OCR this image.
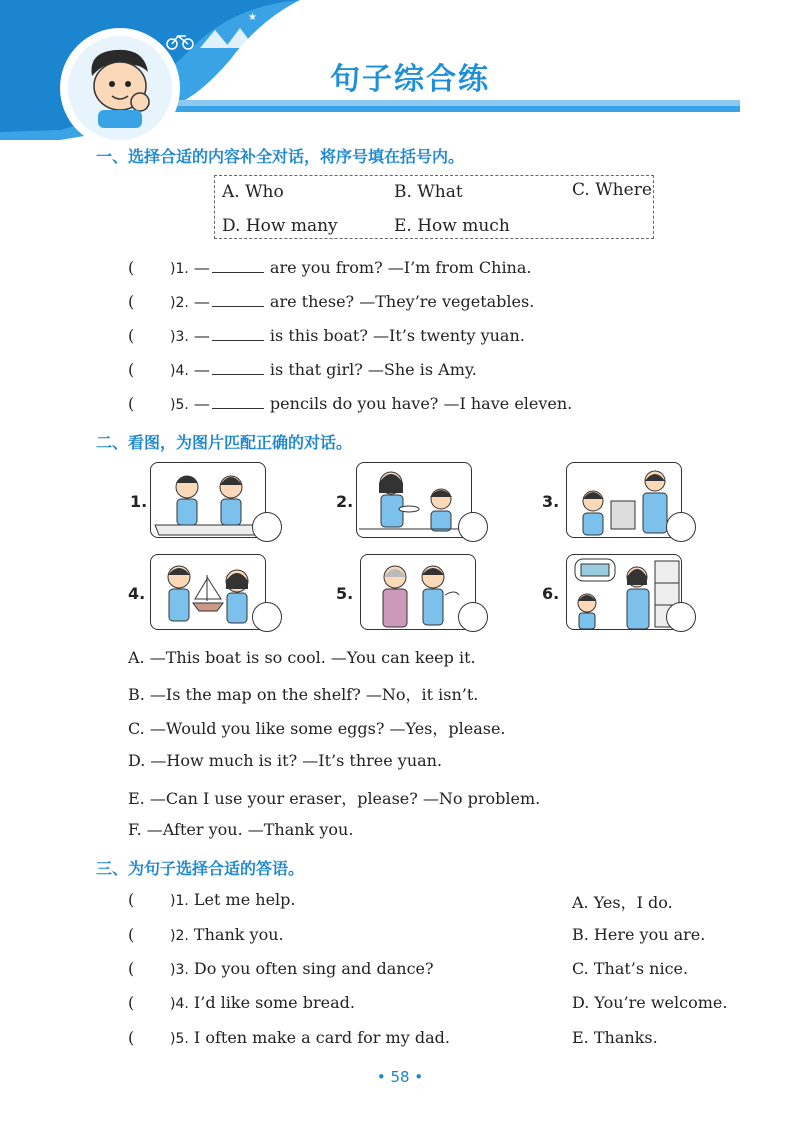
★
句子综合练
一、选择合适的内容补全对话，将序号填在括号内。
A. Who	B. What	C. Where
D. How many	E. How much
(	)1. —	are you from? —I’m from China.
(	)2. —	are these? —They’re vegetables.
(	)3. —	is this boat? —It’s twenty yuan.
(	)4. —	is that girl? —She is Amy.
(	)5. —	pencils do you have? —I have eleven.
二、看图，为图片匹配正确的对话。
1.	2.	3.
4.	5.	6.
A. —This boat is so cool. —You can keep it.
B. —Is the map on the shelf? —No，it isn’t.
C. —Would you like some eggs? —Yes，please.
D. —How much is it? —It’s three yuan.
E. —Can I use your eraser，please? —No problem.
F. —After you. —Thank you.
三、为句子选择合适的答语。
(	)1. Let me help.
(	)2. Thank you.
(	)3. Do you often sing and dance?
(	)4. I’d like some bread.
(	)5. I often make a card for my dad.
A. Yes，I do.
B. Here you are.
C. That’s nice.
D. You’re welcome.
E. Thanks.
• 58 •
